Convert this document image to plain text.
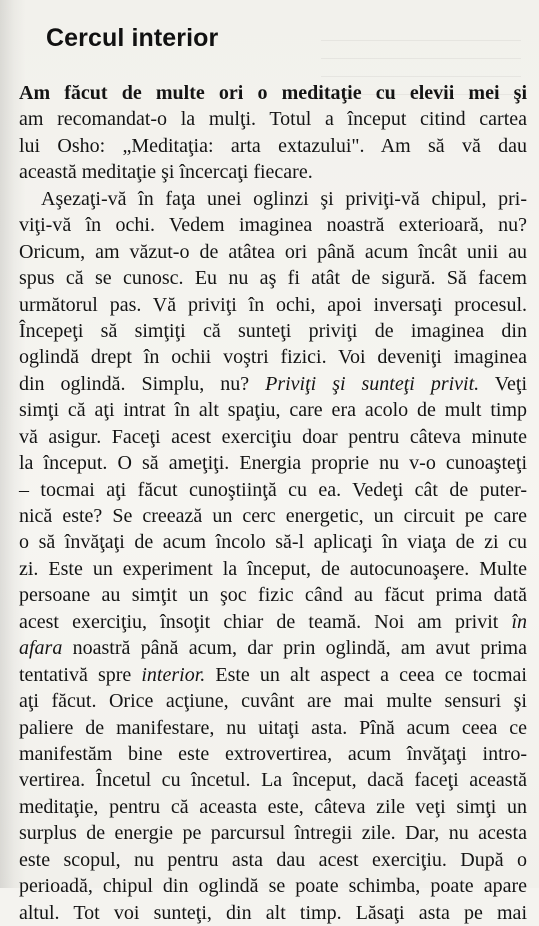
Cercul interior
Am făcut de multe ori o meditaţie cu elevii mei şi
am recomandat-o la mulţi. Totul a început citind cartea
lui Osho: „Meditaţia: arta extazului". Am să vă dau
această meditaţie şi încercaţi fiecare.
Aşezaţi-vă în faţa unei oglinzi şi priviţi-vă chipul, pri-
viţi-vă în ochi. Vedem imaginea noastră exterioară, nu?
Oricum, am văzut-o de atâtea ori până acum încât unii au
spus că se cunosc. Eu nu aş fi atât de sigură. Să facem
următorul pas. Vă priviţi în ochi, apoi inversaţi procesul.
Începeţi să simţiţi că sunteţi priviţi de imaginea din
oglindă drept în ochii voştri fizici. Voi deveniţi imaginea
din oglindă. Simplu, nu? Priviţi şi sunteţi privit. Veţi
simţi că aţi intrat în alt spaţiu, care era acolo de mult timp
vă asigur. Faceţi acest exerciţiu doar pentru câteva minute
la început. O să ameţiţi. Energia proprie nu v-o cunoaşteţi
– tocmai aţi făcut cunoştiinţă cu ea. Vedeţi cât de puter-
nică este? Se creează un cerc energetic, un circuit pe care
o să învăţaţi de acum încolo să-l aplicaţi în viaţa de zi cu
zi. Este un experiment la început, de autocunoaşere. Multe
persoane au simţit un şoc fizic când au făcut prima dată
acest exerciţiu, însoţit chiar de teamă. Noi am privit în
afara noastră până acum, dar prin oglindă, am avut prima
tentativă spre interior. Este un alt aspect a ceea ce tocmai
aţi făcut. Orice acţiune, cuvânt are mai multe sensuri şi
paliere de manifestare, nu uitaţi asta. Pînă acum ceea ce
manifestăm bine este extrovertirea, acum învăţaţi intro-
vertirea. Încetul cu încetul. La început, dacă faceţi această
meditaţie, pentru că aceasta este, câteva zile veţi simţi un
surplus de energie pe parcursul întregii zile. Dar, nu acesta
este scopul, nu pentru asta dau acest exerciţiu. După o
perioadă, chipul din oglindă se poate schimba, poate apare
altul. Tot voi sunteţi, din alt timp. Lăsaţi asta pe mai
